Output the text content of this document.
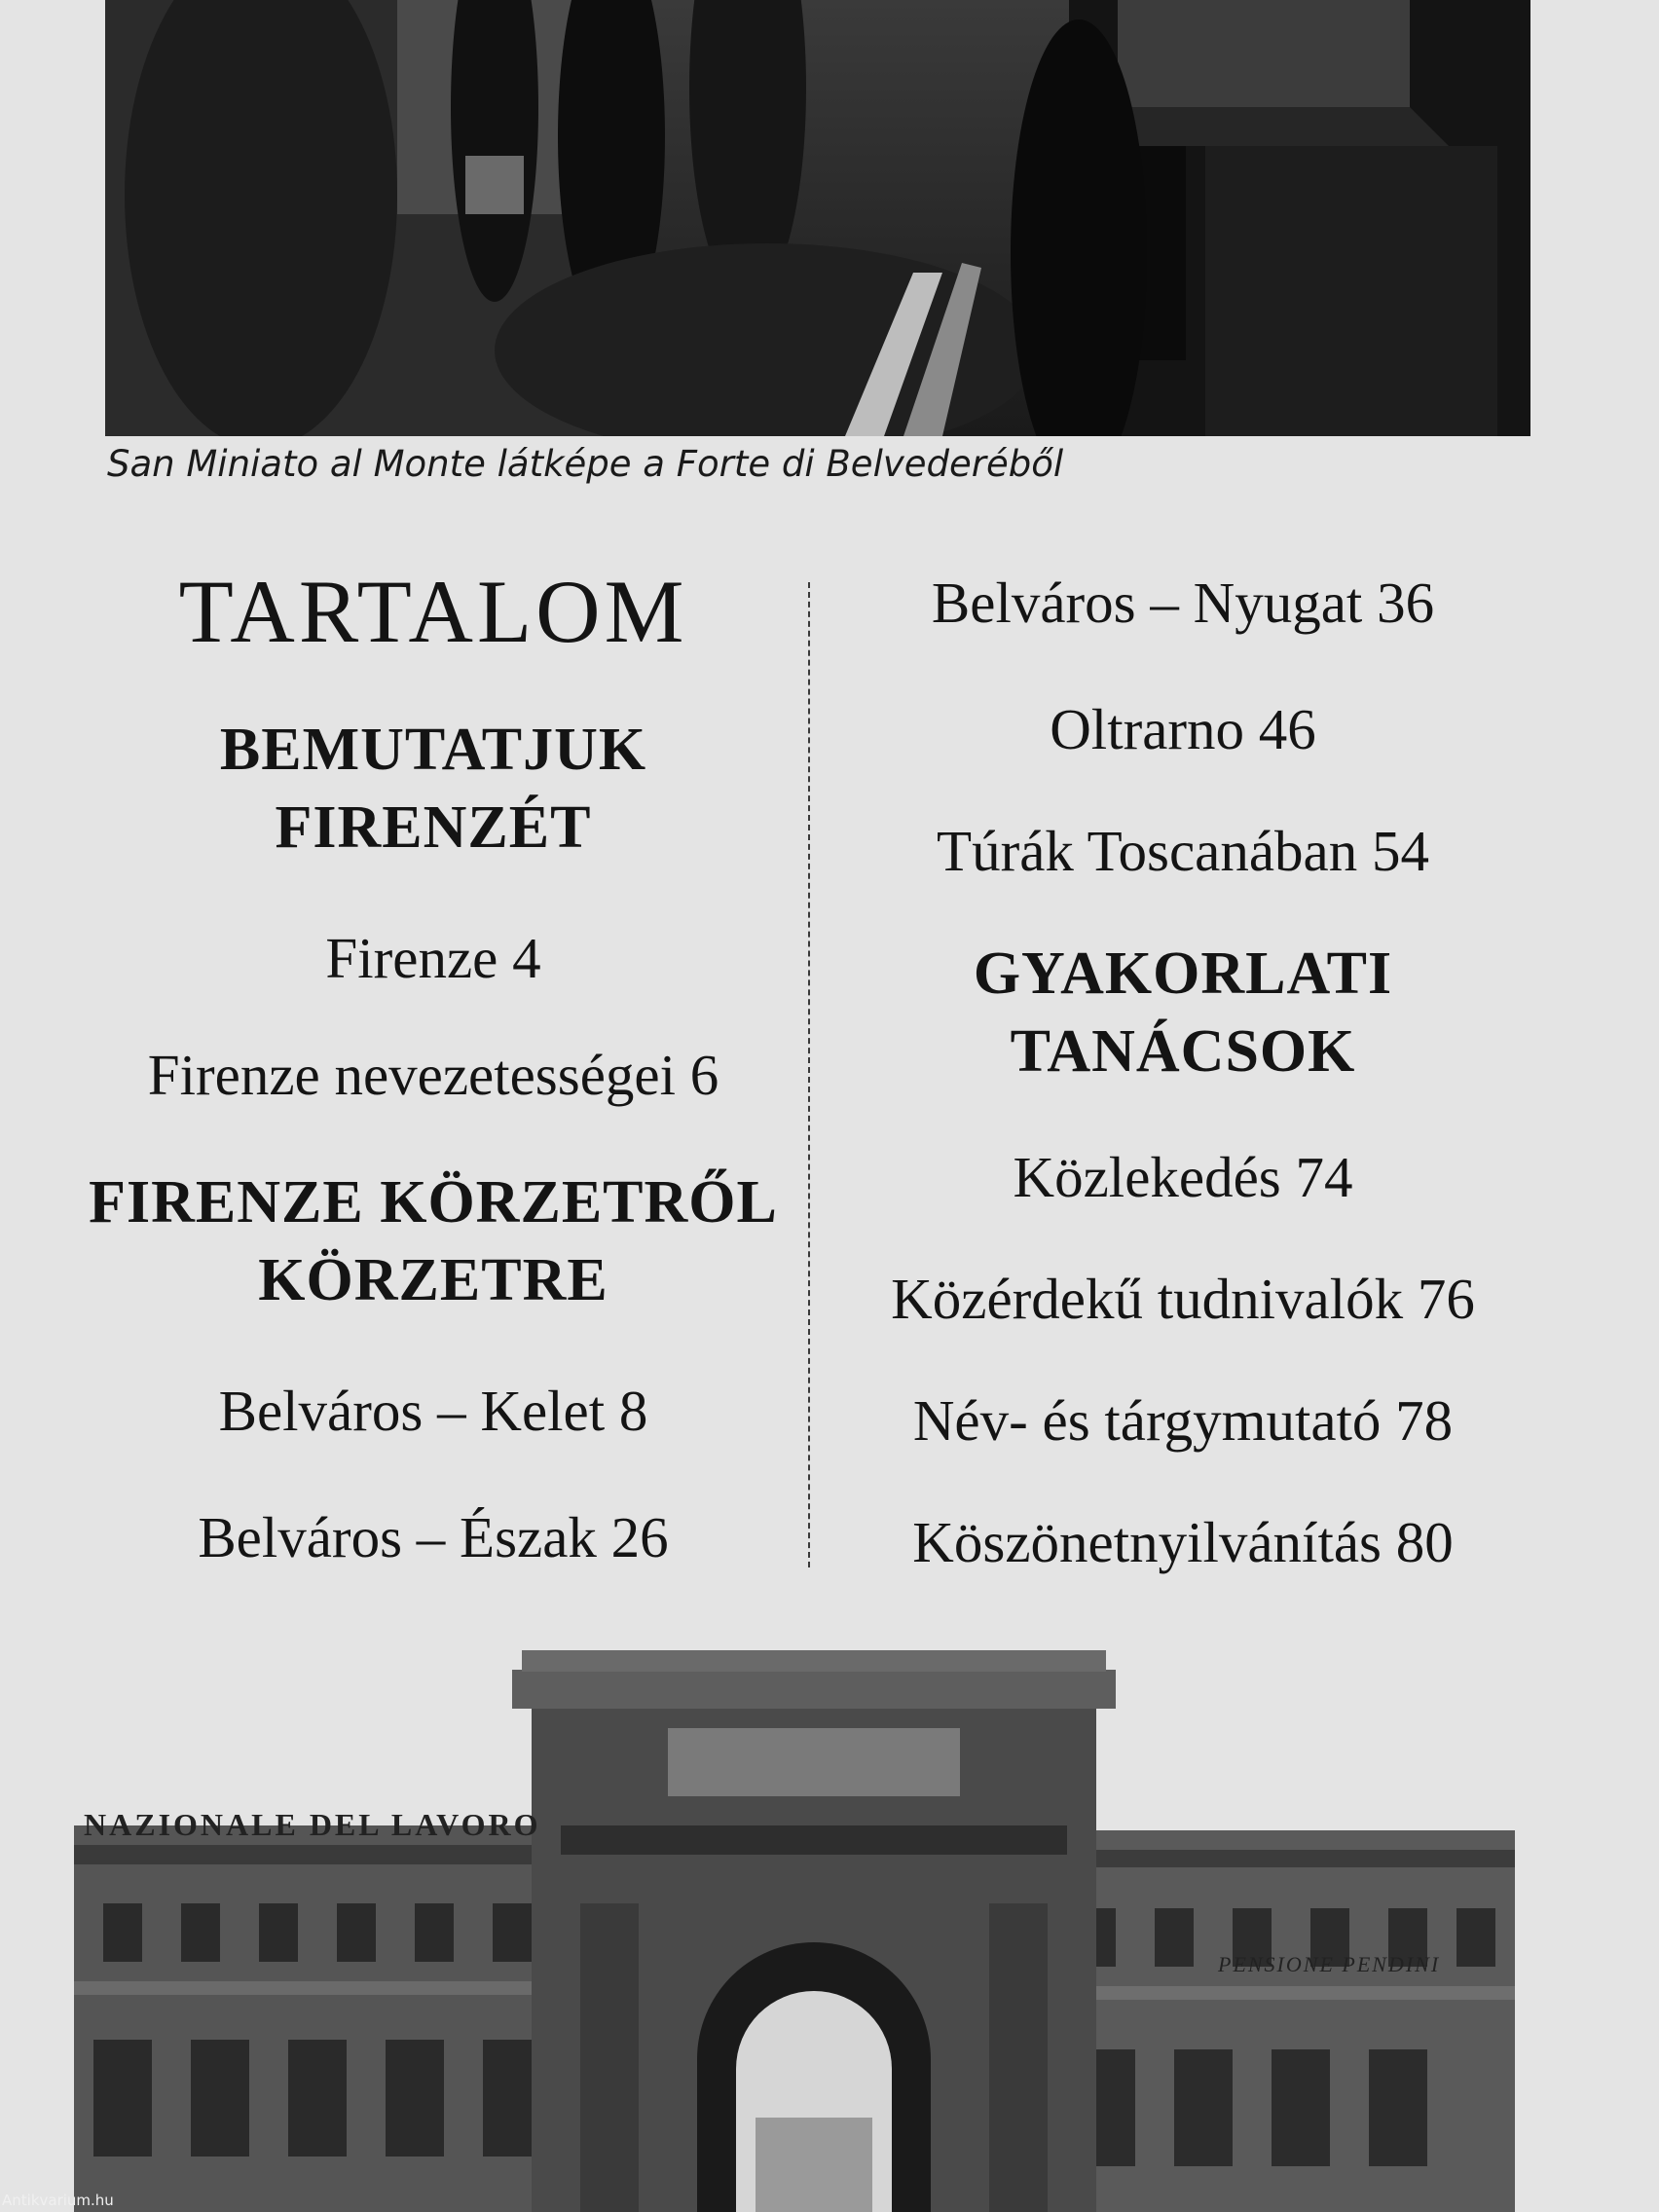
San Miniato al Monte látképe a Forte di Belvederéből
TARTALOM
BEMUTATJUK
FIRENZÉT
Firenze 4
Firenze nevezetességei 6
FIRENZE KÖRZETRŐL
KÖRZETRE
Belváros – Kelet 8
Belváros – Észak 26
Belváros – Nyugat 36
Oltrarno 46
Túrák Toscanában 54
GYAKORLATI
TANÁCSOK
Közlekedés 74
Közérdekű tudnivalók 76
Név- és tárgymutató 78
Köszönetnyilvánítás 80
NAZIONALE DEL LAVORO
PENSIONE PENDINI
Antikvarium.hu
